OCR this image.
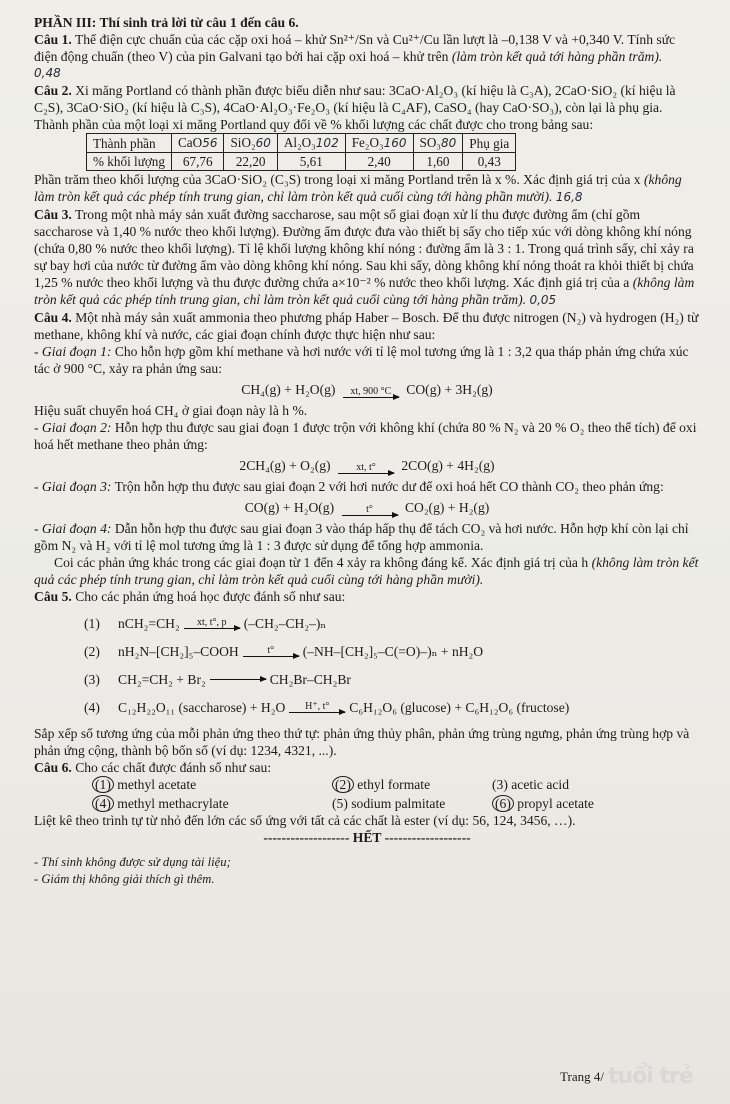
PHẦN III: Thí sinh trả lời từ câu 1 đến câu 6.

Câu 1. Thế điện cực chuẩn của các cặp oxi hoá – khử Sn²⁺/Sn và Cu²⁺/Cu lần lượt là –0,138 V và +0,340 V. Tính sức điện động chuẩn (theo V) của pin Galvani tạo bởi hai cặp oxi hoá – khử trên (làm tròn kết quả tới hàng phần trăm).

0,48

Câu 2. Xi măng Portland có thành phần được biểu diễn như sau: 3CaO·Al₂O₃ (kí hiệu là C₃A), 2CaO·SiO₂ (kí hiệu là C₂S), 3CaO·SiO₂ (kí hiệu là C₃S), 4CaO·Al₂O₃·Fe₂O₃ (kí hiệu là C₄AF), CaSO₄ (hay CaO·SO₃), còn lại là phụ gia. Thành phần của một loại xi măng Portland quy đổi về % khối lượng các chất được cho trong bảng sau:

Thành phần	CaO56	SiO₂60	Al₂O₃102	Fe₂O₃160	SO₃80	Phụ gia
% khối lượng	67,76	22,20	5,61	2,40	1,60	0,43

Phần trăm theo khối lượng của 3CaO·SiO₂ (C₃S) trong loại xi măng Portland trên là x %. Xác định giá trị của x (không làm tròn kết quả các phép tính trung gian, chỉ làm tròn kết quả cuối cùng tới hàng phần mười). 16,8

Câu 3. Trong một nhà máy sản xuất đường saccharose, sau một số giai đoạn xử lí thu được đường ẩm (chỉ gồm saccharose và 1,40 % nước theo khối lượng). Đường ẩm được đưa vào thiết bị sấy cho tiếp xúc với dòng không khí nóng (chứa 0,80 % nước theo khối lượng). Tỉ lệ khối lượng không khí nóng : đường ẩm là 3 : 1. Trong quá trình sấy, chỉ xảy ra sự bay hơi của nước từ đường ẩm vào dòng không khí nóng. Sau khi sấy, dòng không khí nóng thoát ra khỏi thiết bị chứa 1,25 % nước theo khối lượng và thu được đường chứa a×10⁻² % nước theo khối lượng. Xác định giá trị của a (không làm tròn kết quả các phép tính trung gian, chỉ làm tròn kết quả cuối cùng tới hàng phần trăm). 0,05

Câu 4. Một nhà máy sản xuất ammonia theo phương pháp Haber – Bosch. Để thu được nitrogen (N₂) và hydrogen (H₂) từ methane, không khí và nước, các giai đoạn chính được thực hiện như sau:

- Giai đoạn 1: Cho hỗn hợp gồm khí methane và hơi nước với tỉ lệ mol tương ứng là 1 : 3,2 qua tháp phản ứng chứa xúc tác ở 900 °C, xảy ra phản ứng sau:

CH₄(g) + H₂O(g) xt, 900 °C CO(g) + 3H₂(g)

Hiệu suất chuyển hoá CH₄ ở giai đoạn này là h %.

- Giai đoạn 2: Hỗn hợp thu được sau giai đoạn 1 được trộn với không khí (chứa 80 % N₂ và 20 % O₂ theo thể tích) để oxi hoá hết methane theo phản ứng:

2CH₄(g) + O₂(g)	xt, t° 2CO(g) + 4H₂(g)

- Giai đoạn 3: Trộn hỗn hợp thu được sau giai đoạn 2 với hơi nước dư để oxi hoá hết CO thành CO₂ theo phản ứng:

CO(g) + H₂O(g)	t° CO₂(g) + H₂(g)

- Giai đoạn 4: Dẫn hỗn hợp thu được sau giai đoạn 3 vào tháp hấp thụ để tách CO₂ và hơi nước. Hỗn hợp khí còn lại chỉ gồm N₂ và H₂ với tỉ lệ mol tương ứng là 1 : 3 được sử dụng để tổng hợp ammonia.

Coi các phản ứng khác trong các giai đoạn từ 1 đến 4 xảy ra không đáng kể. Xác định giá trị của h (không làm tròn kết quả các phép tính trung gian, chỉ làm tròn kết quả cuối cùng tới hàng phần mười).

Câu 5. Cho các phản ứng hoá học được đánh số như sau:

(1)	nCH₂=CH₂ xt, t°, p (–CH₂–CH₂–)ₙ
(2)	nH₂N–[CH₂]₅–COOH	t° (–NH–[CH₂]₅–C(=O)–)ₙ + nH₂O
(3)	CH₂=CH₂ + Br₂	CH₂Br–CH₂Br
(4)	C₁₂H₂₂O₁₁ (saccharose) + H₂O H⁺, t° C₆H₁₂O₆ (glucose) + C₆H₁₂O₆ (fructose)

Sắp xếp số tương ứng của mỗi phản ứng theo thứ tự: phản ứng thủy phân, phản ứng trùng ngưng, phản ứng trùng hợp và phản ứng cộng, thành bộ bốn số (ví dụ: 1234, 4321, ...).

Câu 6. Cho các chất được đánh số như sau:

(1) methyl acetate	(2) ethyl formate	(3) acetic acid
(4) methyl methacrylate	(5) sodium palmitate	(6) propyl acetate

Liệt kê theo trình tự từ nhỏ đến lớn các số ứng với tất cả các chất là ester (ví dụ: 56, 124, 3456, …).

------------------- HẾT -------------------

- Thí sinh không được sử dụng tài liệu;

- Giám thị không giải thích gì thêm.

Trang 4/ tuổi trẻ
